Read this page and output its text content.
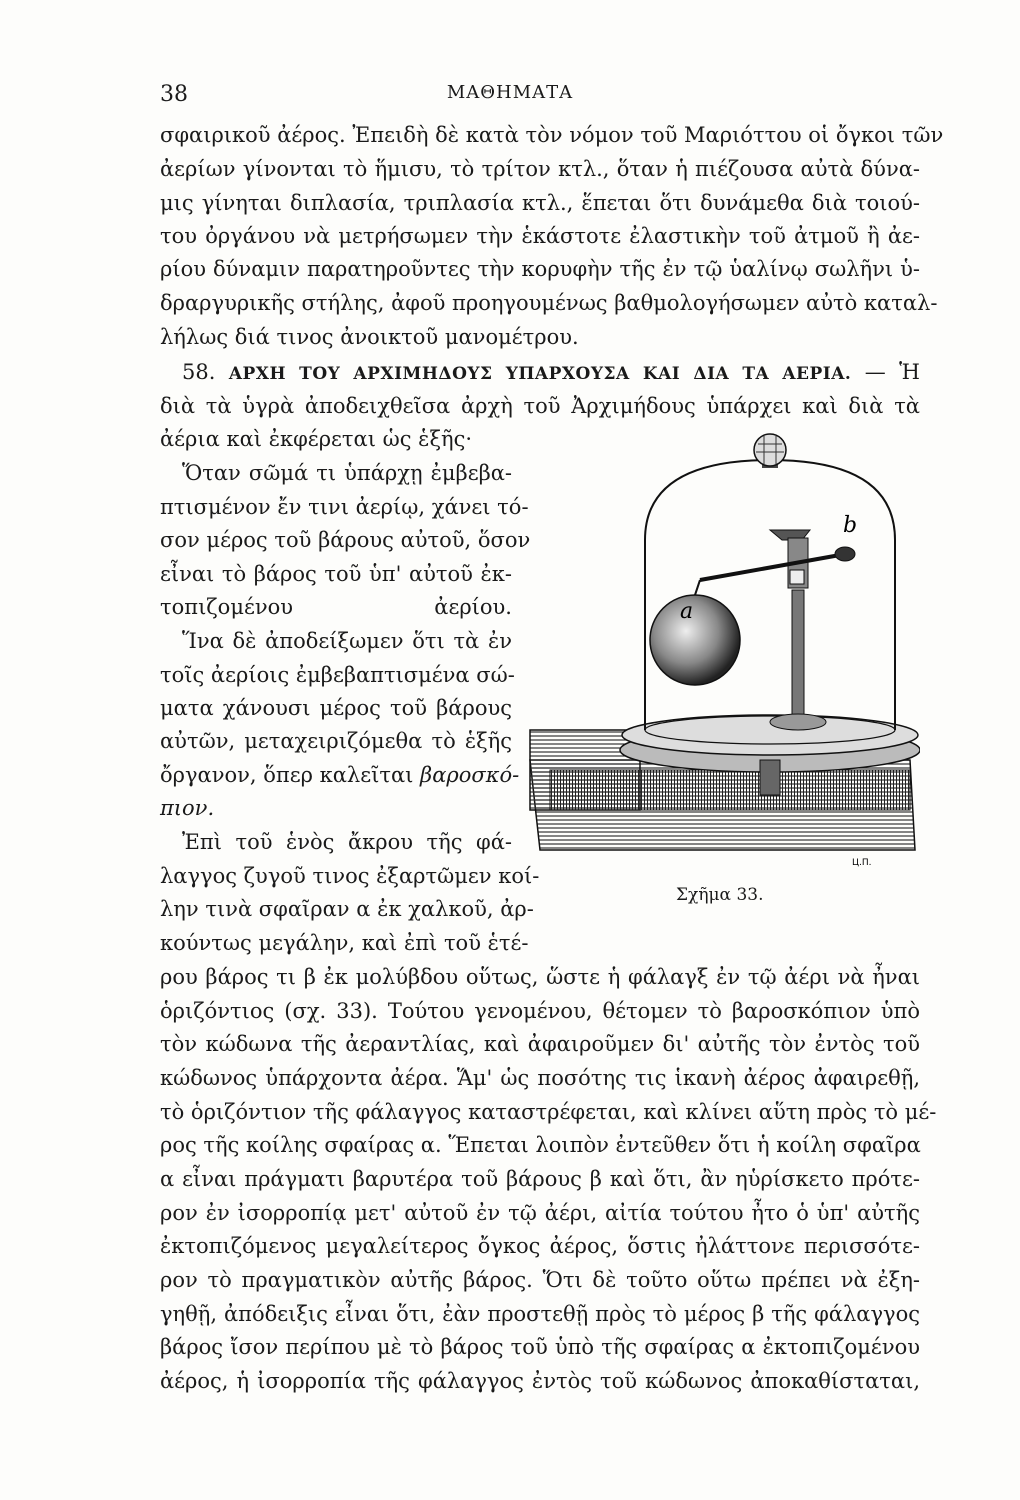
38	ΜΑΘΗΜΑΤΑ
σφαιρικοῦ ἀέρος. Ἐπειδὴ δὲ κατὰ τὸν νόμον τοῦ Μαριόττου οἱ ὄγκοι τῶν
ἀερίων γίνονται τὸ ἥμισυ, τὸ τρίτον κτλ., ὅταν ἡ πιέζουσα αὐτὰ δύνα-
μις γίνηται διπλασία, τριπλασία κτλ., ἕπεται ὅτι δυνάμεθα διὰ τοιού-
του ὀργάνου νὰ μετρήσωμεν τὴν ἑκάστοτε ἐλαστικὴν τοῦ ἀτμοῦ ἢ ἀε-
ρίου δύναμιν παρατηροῦντες τὴν κορυφὴν τῆς ἐν τῷ ὑαλίνῳ σωλῆνι ὑ-
δραργυρικῆς στήλης, ἀφοῦ προηγουμένως βαθμολογήσωμεν αὐτὸ καταλ-
λήλως διά τινος ἀνοικτοῦ μανομέτρου.
58. ΑΡΧΗ ΤΟΥ ΑΡΧΙΜΗΔΟΥΣ ΥΠΑΡΧΟΥΣΑ ΚΑΙ ΔΙΑ ΤΑ ΑΕΡΙΑ. — Ἡ
διὰ τὰ ὑγρὰ ἀποδειχθεῖσα ἀρχὴ τοῦ Ἀρχιμήδους ὑπάρχει καὶ διὰ τὰ
ἀέρια καὶ ἐκφέρεται ὡς ἑξῆς·
Ὅταν σῶμά τι ὑπάρχῃ ἐμβεβα-
πτισμένον ἔν τινι ἀερίῳ, χάνει τό-
σον μέρος τοῦ βάρους αὐτοῦ, ὅσον
εἶναι τὸ βάρος τοῦ ὑπ' αὐτοῦ ἐκ-
τοπιζομένου ἀερίου.
Ἵνα δὲ ἀποδείξωμεν ὅτι τὰ ἐν
τοῖς ἀερίοις ἐμβεβαπτισμένα σώ-
ματα χάνουσι μέρος τοῦ βάρους
αὐτῶν, μεταχειριζόμεθα τὸ ἑξῆς
ὄργανον, ὅπερ καλεῖται βαροσκό-
πιον.
Ἐπὶ τοῦ ἑνὸς ἄκρου τῆς φά-
λαγγος ζυγοῦ τινος ἐξαρτῶμεν κοί-
λην τινὰ σφαῖραν α ἐκ χαλκοῦ, ἀρ-
κούντως μεγάλην, καὶ ἐπὶ τοῦ ἑτέ-
ρου βάρος τι β ἐκ μολύβδου οὕτως, ὥστε ἡ φάλαγξ ἐν τῷ ἀέρι νὰ ἦναι
ὁριζόντιος (σχ. 33). Τούτου γενομένου, θέτομεν τὸ βαροσκόπιον ὑπὸ
τὸν κώδωνα τῆς ἀεραντλίας, καὶ ἀφαιροῦμεν δι' αὐτῆς τὸν ἐντὸς τοῦ
κώδωνος ὑπάρχοντα ἀέρα. Ἅμ' ὡς ποσότης τις ἱκανὴ ἀέρος ἀφαιρεθῇ,
τὸ ὁριζόντιον τῆς φάλαγγος καταστρέφεται, καὶ κλίνει αὕτη πρὸς τὸ μέ-
ρος τῆς κοίλης σφαίρας α. Ἕπεται λοιπὸν ἐντεῦθεν ὅτι ἡ κοίλη σφαῖρα
α εἶναι πράγματι βαρυτέρα τοῦ βάρους β καὶ ὅτι, ἂν ηὑρίσκετο πρότε-
ρον ἐν ἰσορροπίᾳ μετ' αὐτοῦ ἐν τῷ ἀέρι, αἰτία τούτου ἦτο ὁ ὑπ' αὐτῆς
ἐκτοπιζόμενος μεγαλείτερος ὄγκος ἀέρος, ὅστις ἠλάττονε περισσότε-
ρον τὸ πραγματικὸν αὐτῆς βάρος. Ὅτι δὲ τοῦτο οὕτω πρέπει νὰ ἐξη-
γηθῇ, ἀπόδειξις εἶναι ὅτι, ἐὰν προστεθῇ πρὸς τὸ μέρος β τῆς φάλαγγος
βάρος ἴσον περίπου μὲ τὸ βάρος τοῦ ὑπὸ τῆς σφαίρας α ἐκτοπιζομένου
ἀέρος, ἡ ἰσορροπία τῆς φάλαγγος ἐντὸς τοῦ κώδωνος ἀποκαθίσταται,
a
b
Ц.П.
Σχῆμα 33.
